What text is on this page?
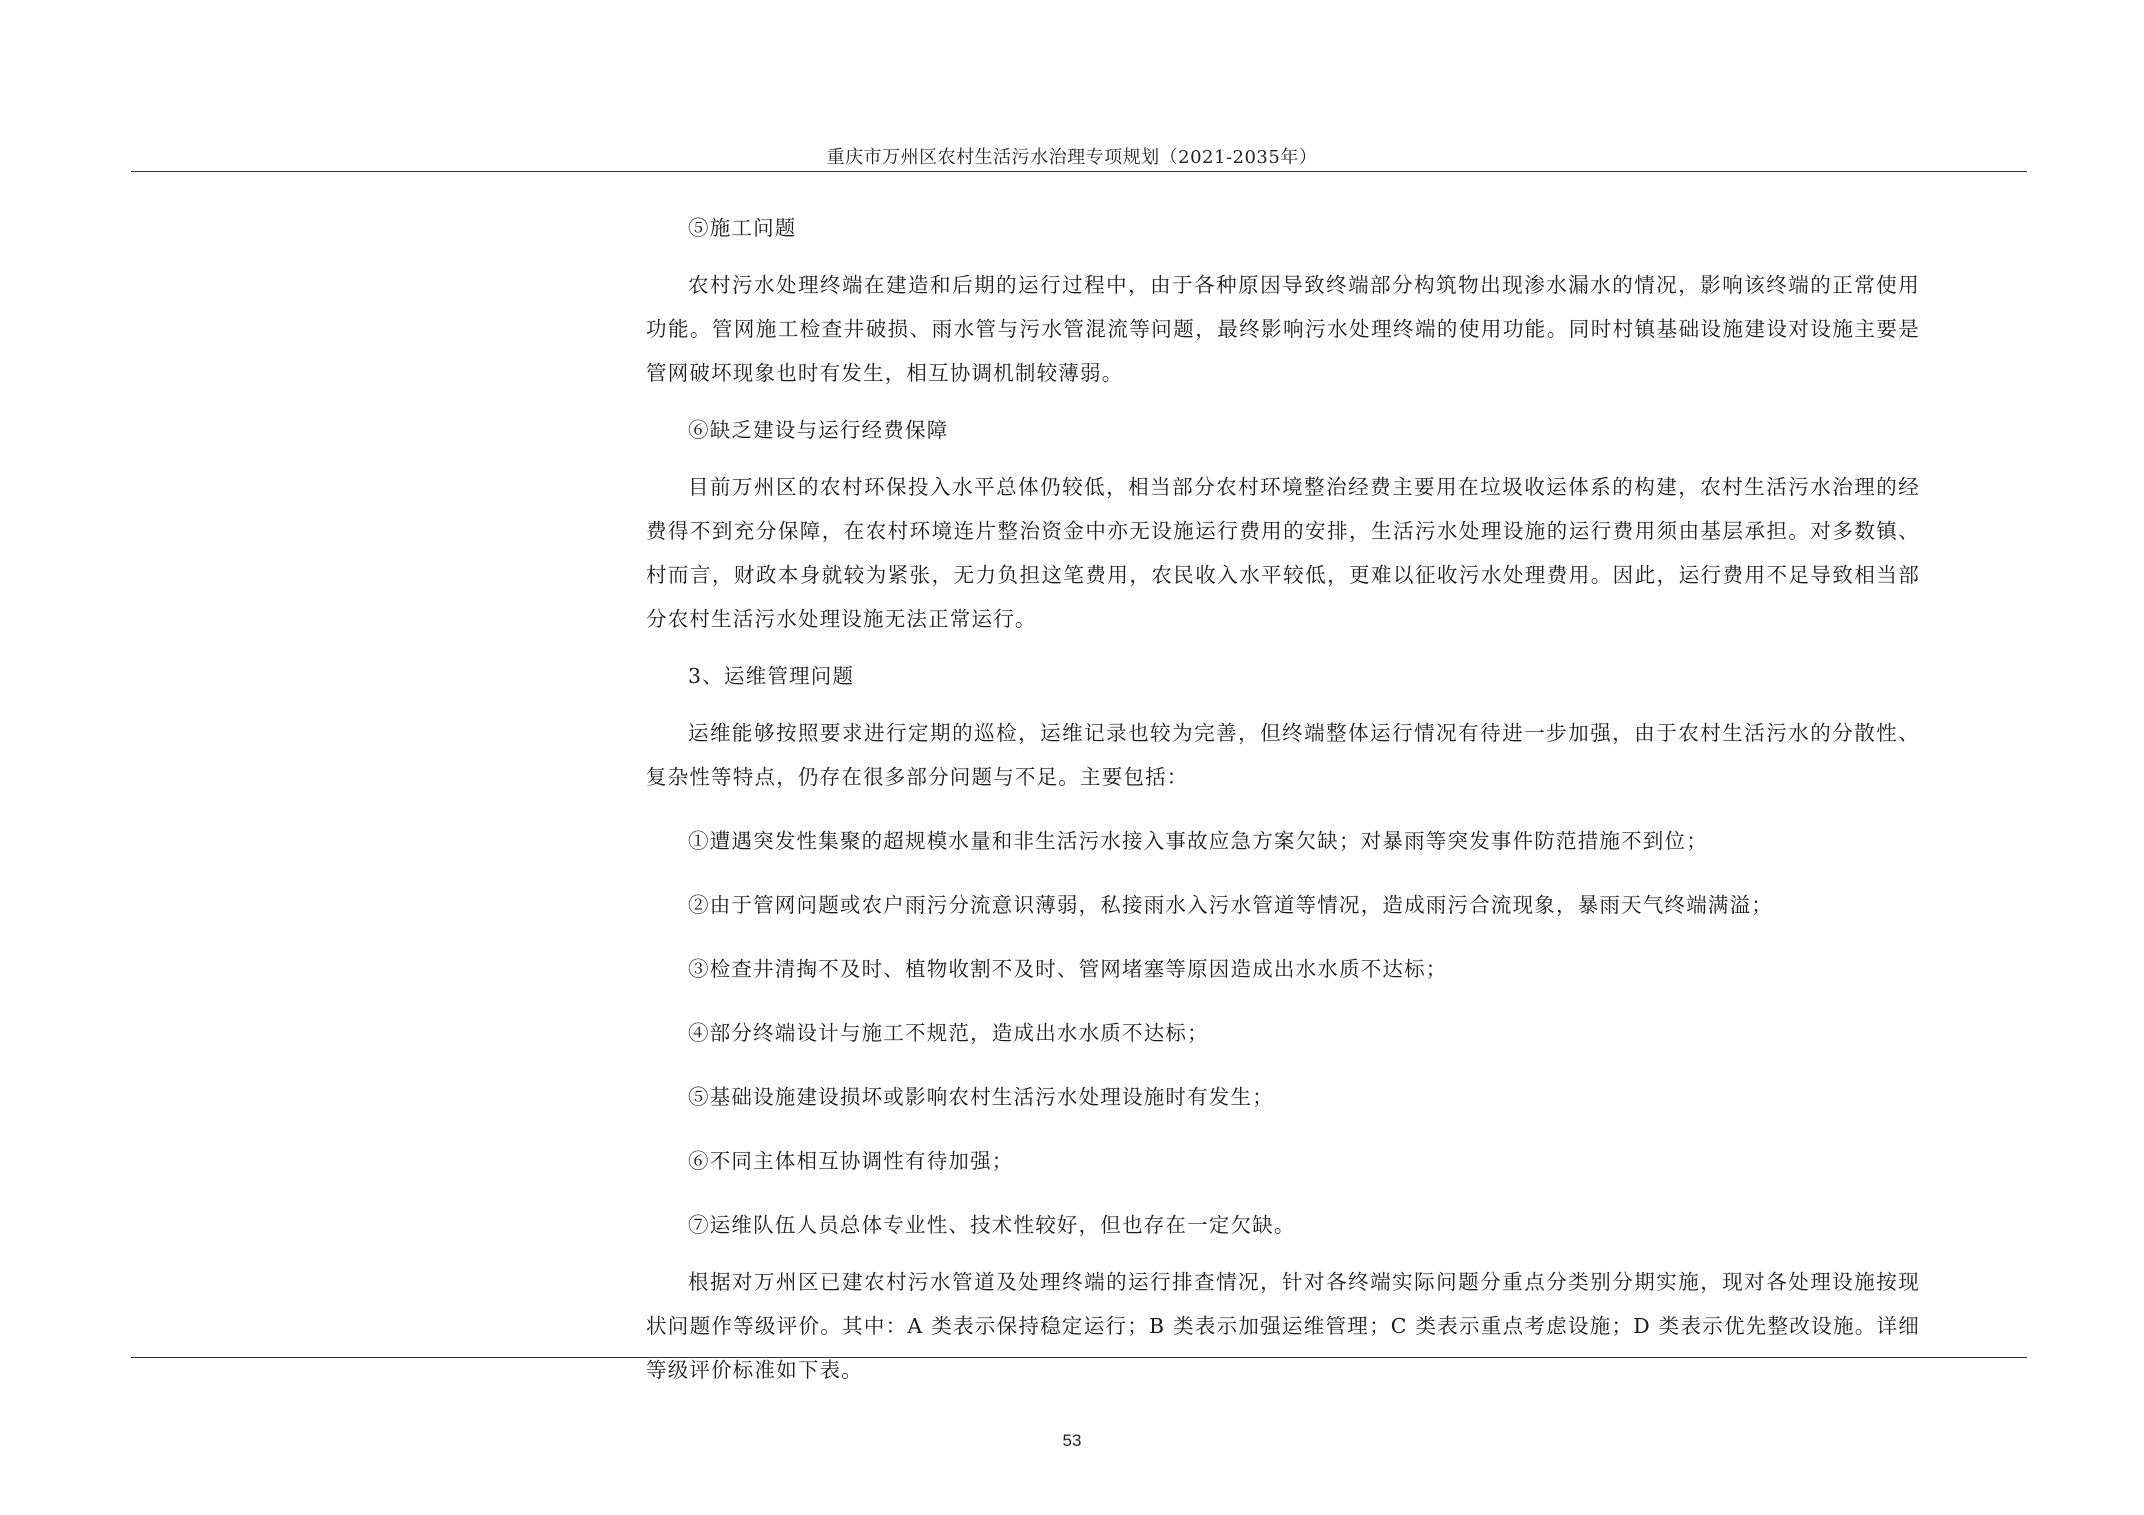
重庆市万州区农村生活污水治理专项规划（2021-2035年）

⑤施工问题

农村污水处理终端在建造和后期的运行过程中，由于各种原因导致终端部分构筑物出现渗水漏水的情况，影响该终端的正常使用功能。管网施工检查井破损、雨水管与污水管混流等问题，最终影响污水处理终端的使用功能。同时村镇基础设施建设对设施主要是管网破坏现象也时有发生，相互协调机制较薄弱。

⑥缺乏建设与运行经费保障

目前万州区的农村环保投入水平总体仍较低，相当部分农村环境整治经费主要用在垃圾收运体系的构建，农村生活污水治理的经费得不到充分保障，在农村环境连片整治资金中亦无设施运行费用的安排，生活污水处理设施的运行费用须由基层承担。对多数镇、村而言，财政本身就较为紧张，无力负担这笔费用，农民收入水平较低，更难以征收污水处理费用。因此，运行费用不足导致相当部分农村生活污水处理设施无法正常运行。

3、运维管理问题

运维能够按照要求进行定期的巡检，运维记录也较为完善，但终端整体运行情况有待进一步加强，由于农村生活污水的分散性、复杂性等特点，仍存在很多部分问题与不足。主要包括：

①遭遇突发性集聚的超规模水量和非生活污水接入事故应急方案欠缺；对暴雨等突发事件防范措施不到位；

②由于管网问题或农户雨污分流意识薄弱，私接雨水入污水管道等情况，造成雨污合流现象，暴雨天气终端满溢；

③检查井清掏不及时、植物收割不及时、管网堵塞等原因造成出水水质不达标；

④部分终端设计与施工不规范，造成出水水质不达标；

⑤基础设施建设损坏或影响农村生活污水处理设施时有发生；

⑥不同主体相互协调性有待加强；

⑦运维队伍人员总体专业性、技术性较好，但也存在一定欠缺。

根据对万州区已建农村污水管道及处理终端的运行排查情况，针对各终端实际问题分重点分类别分期实施，现对各处理设施按现状问题作等级评价。其中：A 类表示保持稳定运行；B 类表示加强运维管理；C 类表示重点考虑设施；D 类表示优先整改设施。详细等级评价标准如下表。

53
